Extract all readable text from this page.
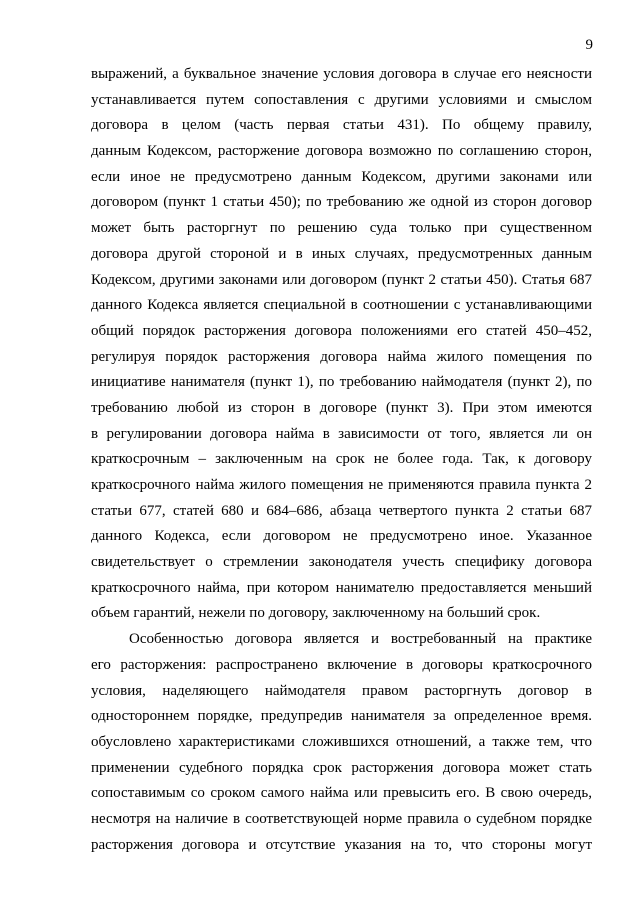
9
выражений, а буквальное значение условия договора в случае его неясности
устанавливается путем сопоставления с другими условиями и смыслом
договора в целом (часть первая статьи 431). По общему правилу,
данным Кодексом, расторжение договора возможно по соглашению сторон,
если иное не предусмотрено данным Кодексом, другими законами или
договором (пункт 1 статьи 450); по требованию же одной из сторон договор
может быть расторгнут по решению суда только при существенном
договора другой стороной и в иных случаях, предусмотренных данным
Кодексом, другими законами или договором (пункт 2 статьи 450). Статья 687
данного Кодекса является специальной в соотношении с устанавливающими
общий порядок расторжения договора положениями его статей 450–452,
регулируя порядок расторжения договора найма жилого помещения по
инициативе нанимателя (пункт 1), по требованию наймодателя (пункт 2), по
требованию любой из сторон в договоре (пункт 3). При этом имеются
в регулировании договора найма в зависимости от того, является ли он
краткосрочным – заключенным на срок не более года. Так, к договору
краткосрочного найма жилого помещения не применяются правила пункта 2
статьи 677, статей 680 и 684–686, абзаца четвертого пункта 2 статьи 687
данного Кодекса, если договором не предусмотрено иное. Указанное
свидетельствует о стремлении законодателя учесть специфику договора
краткосрочного найма, при котором нанимателю предоставляется меньший
объем гарантий, нежели по договору, заключенному на больший срок.
Особенностью договора является и востребованный на практике
его расторжения: распространено включение в договоры краткосрочного
условия, наделяющего наймодателя правом расторгнуть договор в
одностороннем порядке, предупредив нанимателя за определенное время.
обусловлено характеристиками сложившихся отношений, а также тем, что
применении судебного порядка срок расторжения договора может стать
сопоставимым со сроком самого найма или превысить его. В свою очередь,
несмотря на наличие в соответствующей норме правила о судебном порядке
расторжения договора и отсутствие указания на то, что стороны могут
